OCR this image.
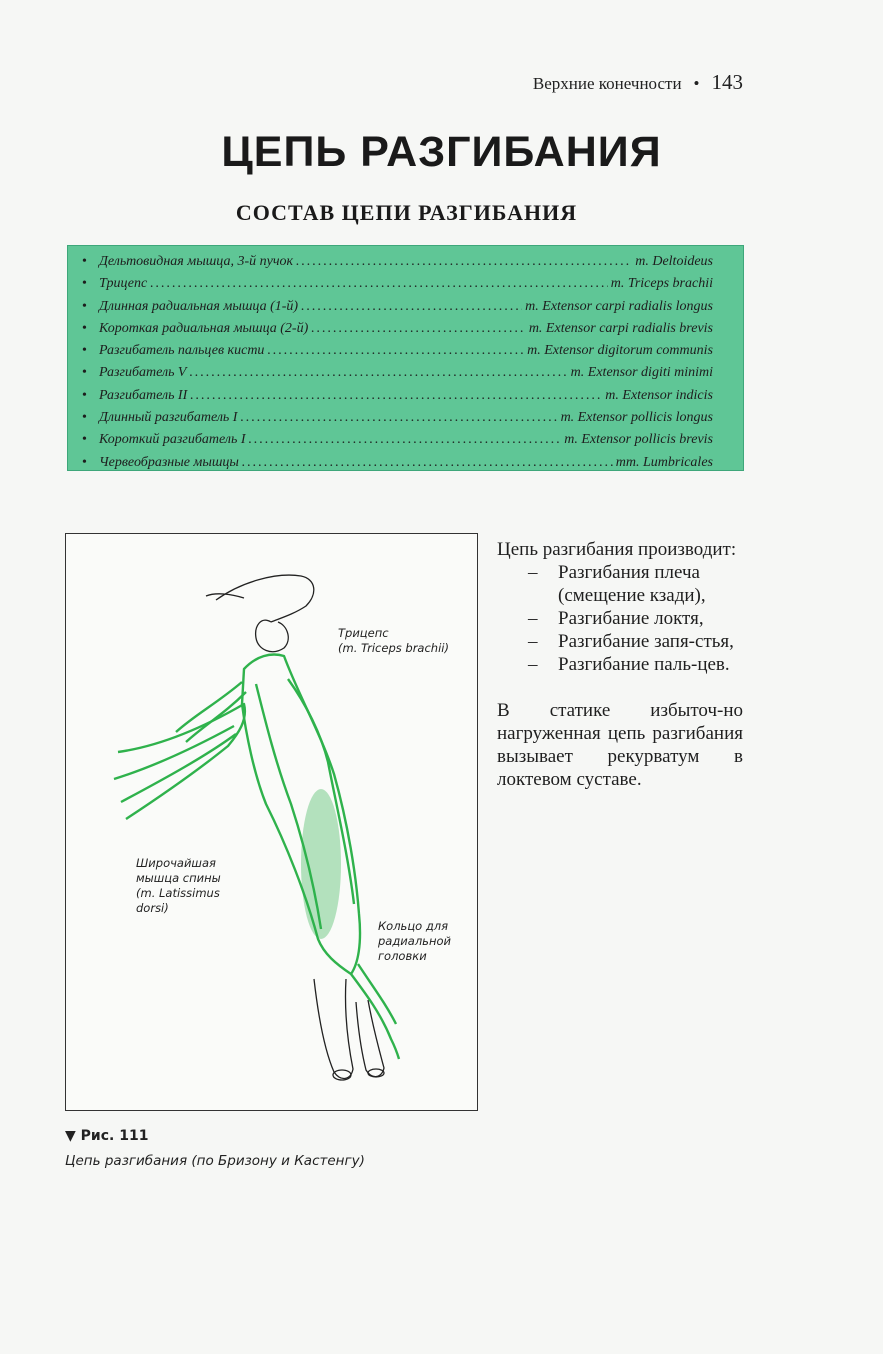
Верхние конечности • 143
ЦЕПЬ РАЗГИБАНИЯ
СОСТАВ ЦЕПИ РАЗГИБАНИЯ
• Дельтовидная мышца, 3-й пучок .....	m. Deltoideus
• Трицепс .....	m. Triceps brachii
• Длинная радиальная мышца (1-й) .....	m. Extensor carpi radialis longus
• Короткая радиальная мышца (2-й) .....	m. Extensor carpi radialis brevis
• Разгибатель пальцев кисти .....	m. Extensor digitorum communis
• Разгибатель V .....	m. Extensor digiti minimi
• Разгибатель II .....	m. Extensor indicis
• Длинный разгибатель I .....	m. Extensor pollicis longus
• Короткий разгибатель I .....	m. Extensor pollicis brevis
• Червеобразные мышцы .....	mm. Lumbricales
Трицепс
(m. Triceps brachii)
Широчайшая
мышца спины
(m. Latissimus
dorsi)
Кольцо для
радиальной
головки
▼ Рис. 111
Цепь разгибания (по Бризону и Кастенгу)

Цепь разгибания производит:

– Разгибания плеча (смещение кзади),
– Разгибание локтя,
– Разгибание запя-стья,
– Разгибание паль-цев.

В статике избыточ-но нагруженная цепь разгибания вызывает рекурватум в локтевом суставе.
